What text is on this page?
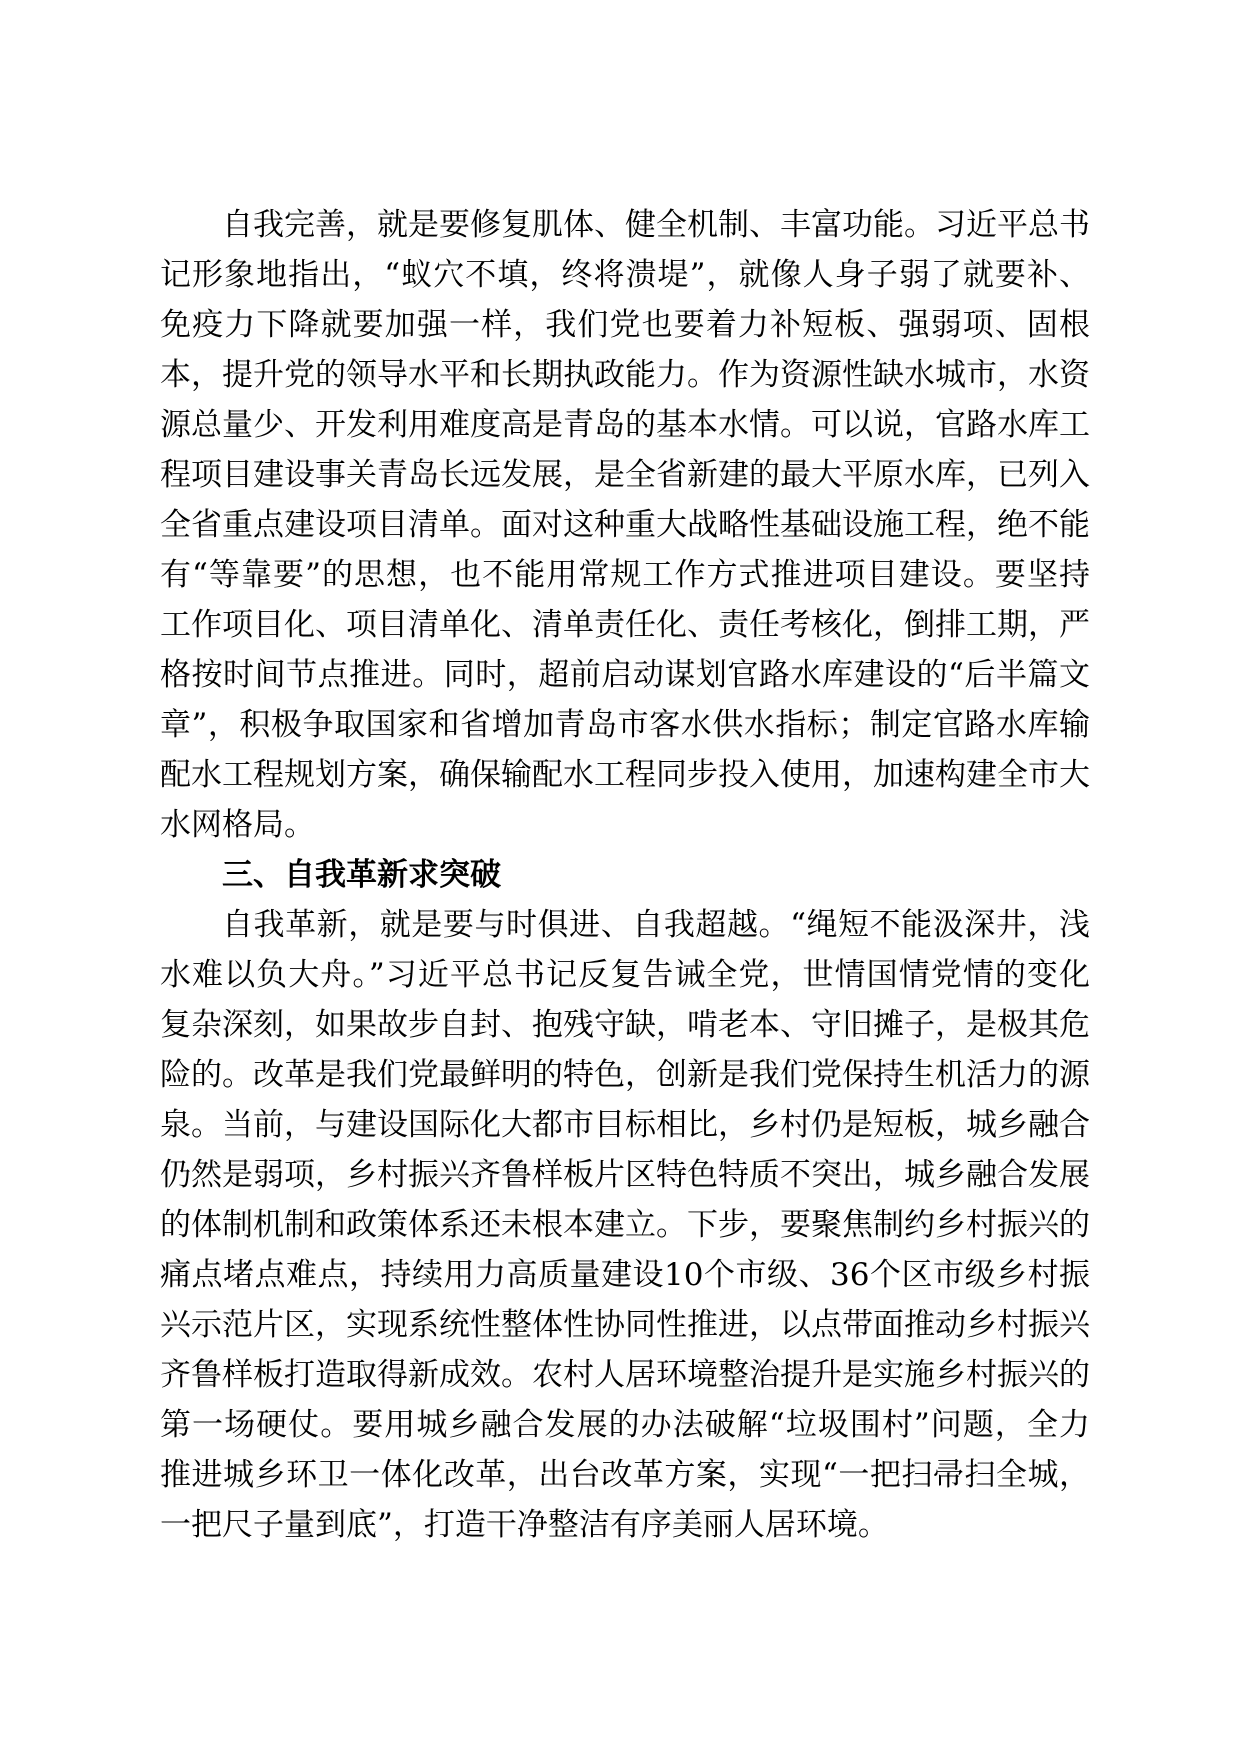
自我完善，就是要修复肌体、健全机制、丰富功能。习近平总书记形象地指出，“蚁穴不填，终将溃堤”，就像人身子弱了就要补、免疫力下降就要加强一样，我们党也要着力补短板、强弱项、固根本，提升党的领导水平和长期执政能力。作为资源性缺水城市，水资源总量少、开发利用难度高是青岛的基本水情。可以说，官路水库工程项目建设事关青岛长远发展，是全省新建的最大平原水库，已列入全省重点建设项目清单。面对这种重大战略性基础设施工程，绝不能有“等靠要”的思想，也不能用常规工作方式推进项目建设。要坚持工作项目化、项目清单化、清单责任化、责任考核化，倒排工期，严格按时间节点推进。同时，超前启动谋划官路水库建设的“后半篇文章”，积极争取国家和省增加青岛市客水供水指标；制定官路水库输配水工程规划方案，确保输配水工程同步投入使用，加速构建全市大水网格局。

三、自我革新求突破

自我革新，就是要与时俱进、自我超越。“绳短不能汲深井，浅水难以负大舟。”习近平总书记反复告诫全党，世情国情党情的变化复杂深刻，如果故步自封、抱残守缺，啃老本、守旧摊子，是极其危险的。改革是我们党最鲜明的特色，创新是我们党保持生机活力的源泉。当前，与建设国际化大都市目标相比，乡村仍是短板，城乡融合仍然是弱项，乡村振兴齐鲁样板片区特色特质不突出，城乡融合发展的体制机制和政策体系还未根本建立。下步，要聚焦制约乡村振兴的痛点堵点难点，持续用力高质量建设10个市级、36个区市级乡村振兴示范片区，实现系统性整体性协同性推进，以点带面推动乡村振兴齐鲁样板打造取得新成效。农村人居环境整治提升是实施乡村振兴的第一场硬仗。要用城乡融合发展的办法破解“垃圾围村”问题，全力推进城乡环卫一体化改革，出台改革方案，实现“一把扫帚扫全城，一把尺子量到底”，打造干净整洁有序美丽人居环境。
